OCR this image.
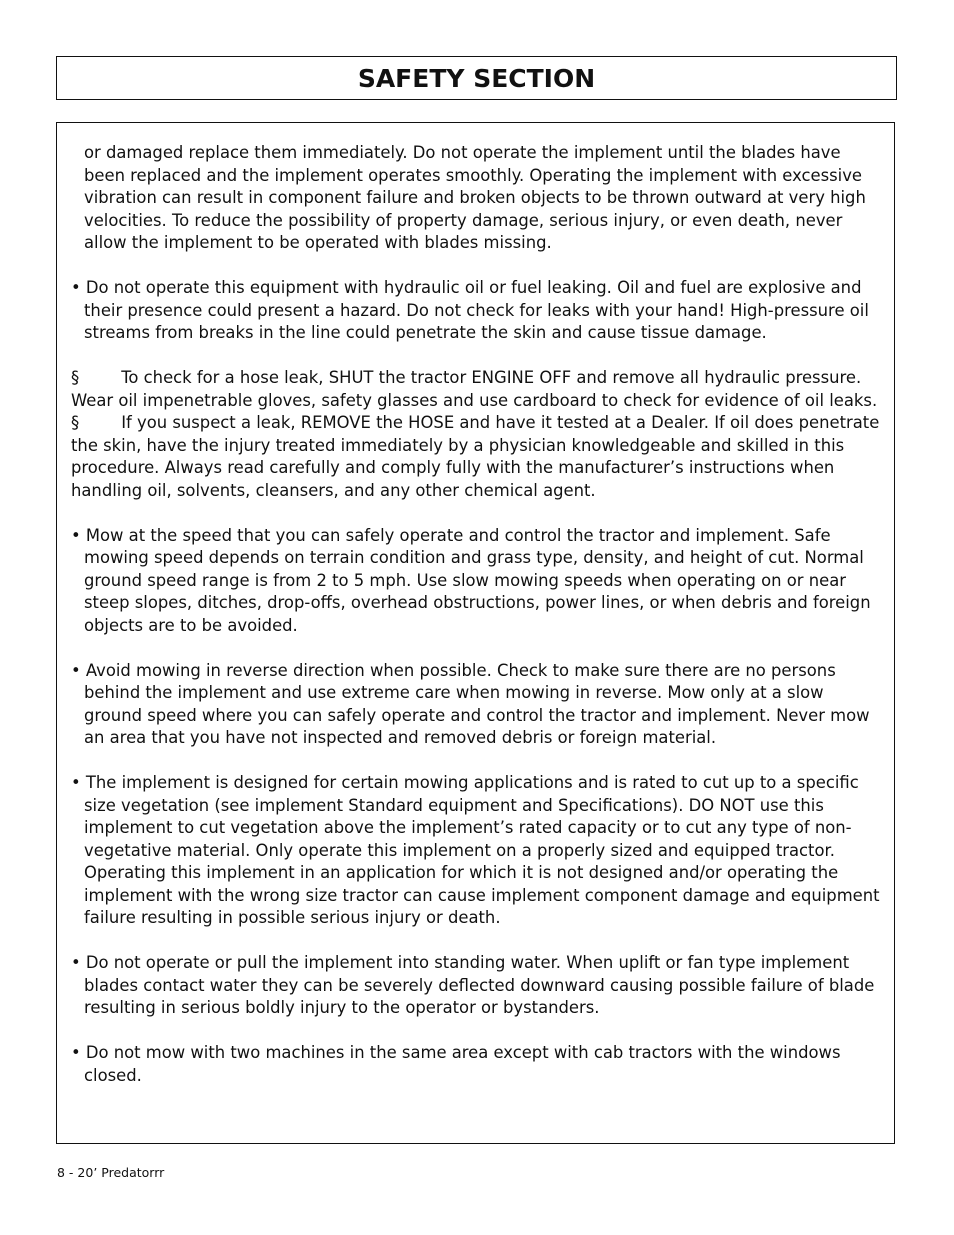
SAFETY SECTION

or damaged replace them immediately. Do not operate the implement until the blades have been replaced and the implement operates smoothly. Operating the implement with excessive vibration can result in component failure and broken objects to be thrown outward at very high velocities. To reduce the possibility of property damage, serious injury, or even death, never allow the implement to be operated with blades missing.

• Do not operate this equipment with hydraulic oil or fuel leaking. Oil and fuel are explosive and their presence could present a hazard. Do not check for leaks with your hand! High-pressure oil streams from breaks in the line could penetrate the skin and cause tissue damage.

§	To check for a hose leak, SHUT the tractor ENGINE OFF and remove all hydraulic pressure. Wear oil impenetrable gloves, safety glasses and use cardboard to check for evidence of oil leaks.

§	If you suspect a leak, REMOVE the HOSE and have it tested at a Dealer. If oil does penetrate the skin, have the injury treated immediately by a physician knowledgeable and skilled in this procedure. Always read carefully and comply fully with the manufacturer’s instructions when handling oil, solvents, cleansers, and any other chemical agent.

• Mow at the speed that you can safely operate and control the tractor and implement. Safe mowing speed depends on terrain condition and grass type, density, and height of cut. Normal ground speed range is from 2 to 5 mph. Use slow mowing speeds when operating on or near steep slopes, ditches, drop-offs, overhead obstructions, power lines, or when debris and foreign objects are to be avoided.

• Avoid mowing in reverse direction when possible. Check to make sure there are no persons behind the implement and use extreme care when mowing in reverse. Mow only at a slow ground speed where you can safely operate and control the tractor and implement. Never mow an area that you have not inspected and removed debris or foreign material.

• The implement is designed for certain mowing applications and is rated to cut up to a specific size vegetation (see implement Standard equipment and Specifications). DO NOT use this implement to cut vegetation above the implement’s rated capacity or to cut any type of non-vegetative material. Only operate this implement on a properly sized and equipped tractor. Operating this implement in an application for which it is not designed and/or operating the implement with the wrong size tractor can cause implement component damage and equipment failure resulting in possible serious injury or death.

• Do not operate or pull the implement into standing water. When uplift or fan type implement blades contact water they can be severely deflected downward causing possible failure of blade resulting in serious boldly injury to the operator or bystanders.

• Do not mow with two machines in the same area except with cab tractors with the windows closed.

8 - 20’ Predatorrr
